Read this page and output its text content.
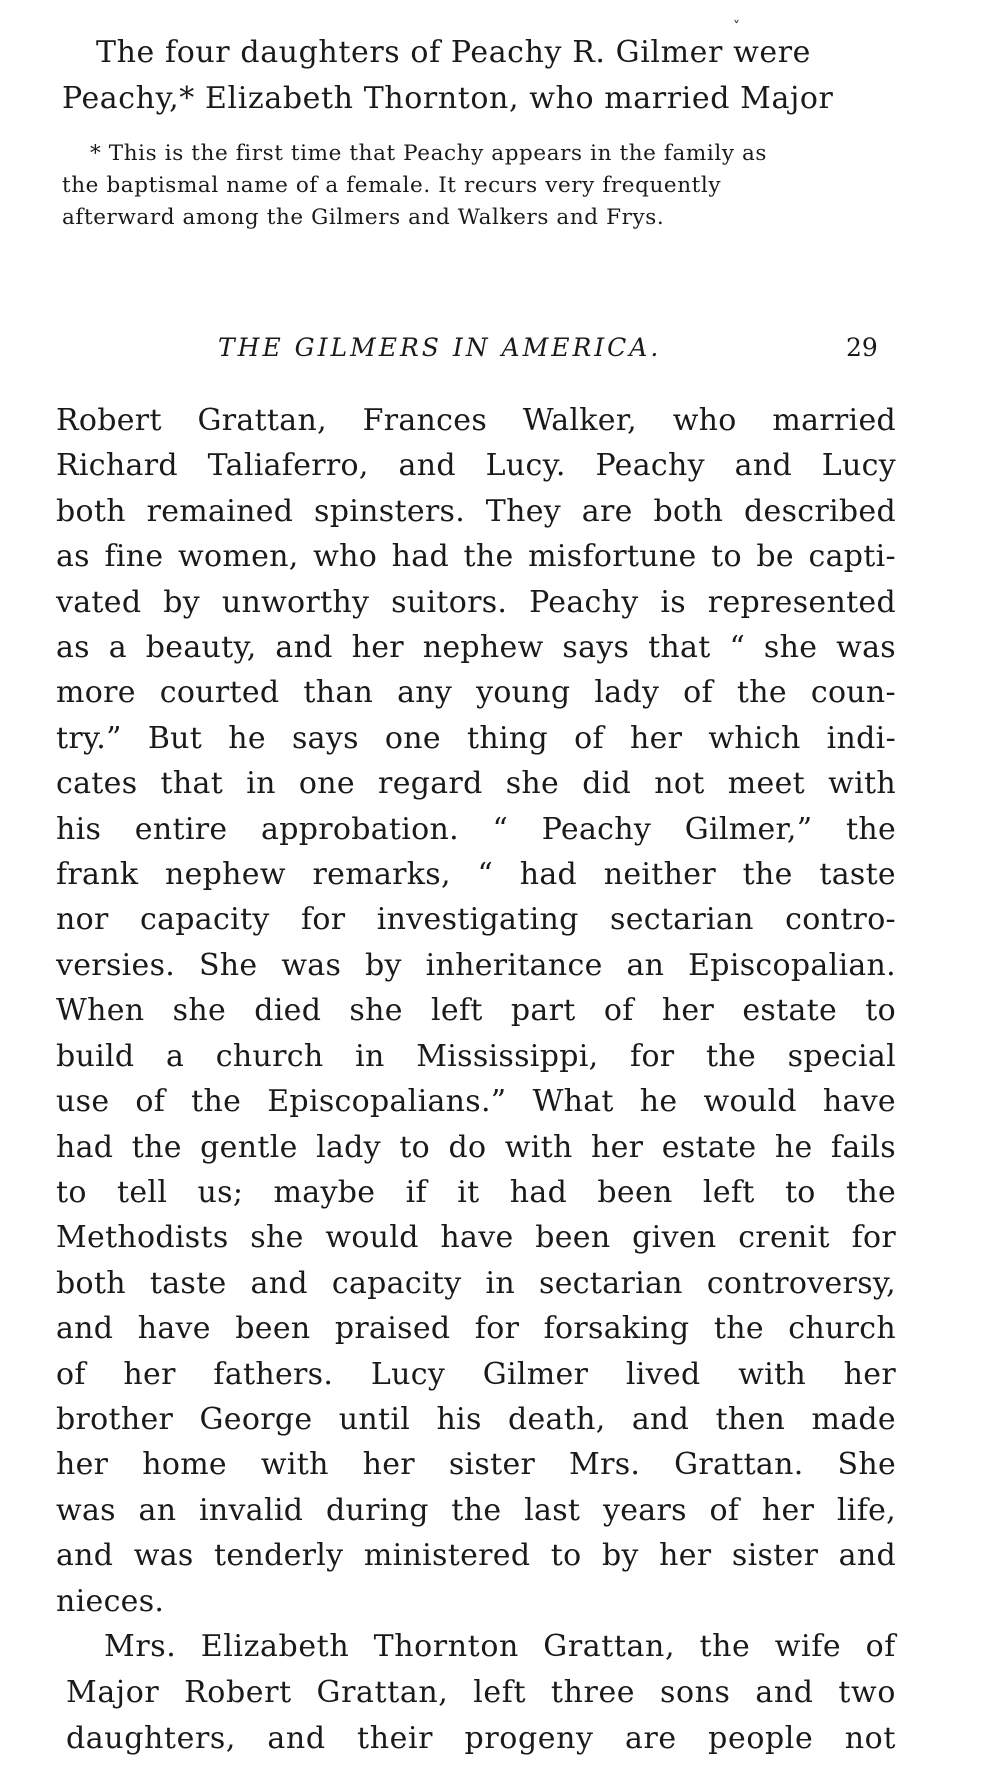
˅
The four daughters of Peachy R. Gilmer were
Peachy,* Elizabeth Thornton, who married Major
* This is the first time that Peachy appears in the family as
the baptismal name of a female. It recurs very frequently
afterward among the Gilmers and Walkers and Frys.
THE GILMERS IN AMERICA.	29
Robert Grattan, Frances Walker, who married
Richard Taliaferro, and Lucy. Peachy and Lucy
both remained spinsters. They are both described
as fine women, who had the misfortune to be capti-
vated by unworthy suitors. Peachy is represented
as a beauty, and her nephew says that “ she was
more courted than any young lady of the coun-
try.” But he says one thing of her which indi-
cates that in one regard she did not meet with
his entire approbation. “ Peachy Gilmer,” the
frank nephew remarks, “ had neither the taste
nor capacity for investigating sectarian contro-
versies. She was by inheritance an Episcopalian.
When she died she left part of her estate to
build a church in Mississippi, for the special
use of the Episcopalians.” What he would have
had the gentle lady to do with her estate he fails
to tell us; maybe if it had been left to the
Methodists she would have been given crenit for
both taste and capacity in sectarian controversy,
and have been praised for forsaking the church
of her fathers. Lucy Gilmer lived with her
brother George until his death, and then made
her home with her sister Mrs. Grattan. She
was an invalid during the last years of her life,
and was tenderly ministered to by her sister and
nieces.
Mrs. Elizabeth Thornton Grattan, the wife of
Major Robert Grattan, left three sons and two
daughters, and their progeny are people not
